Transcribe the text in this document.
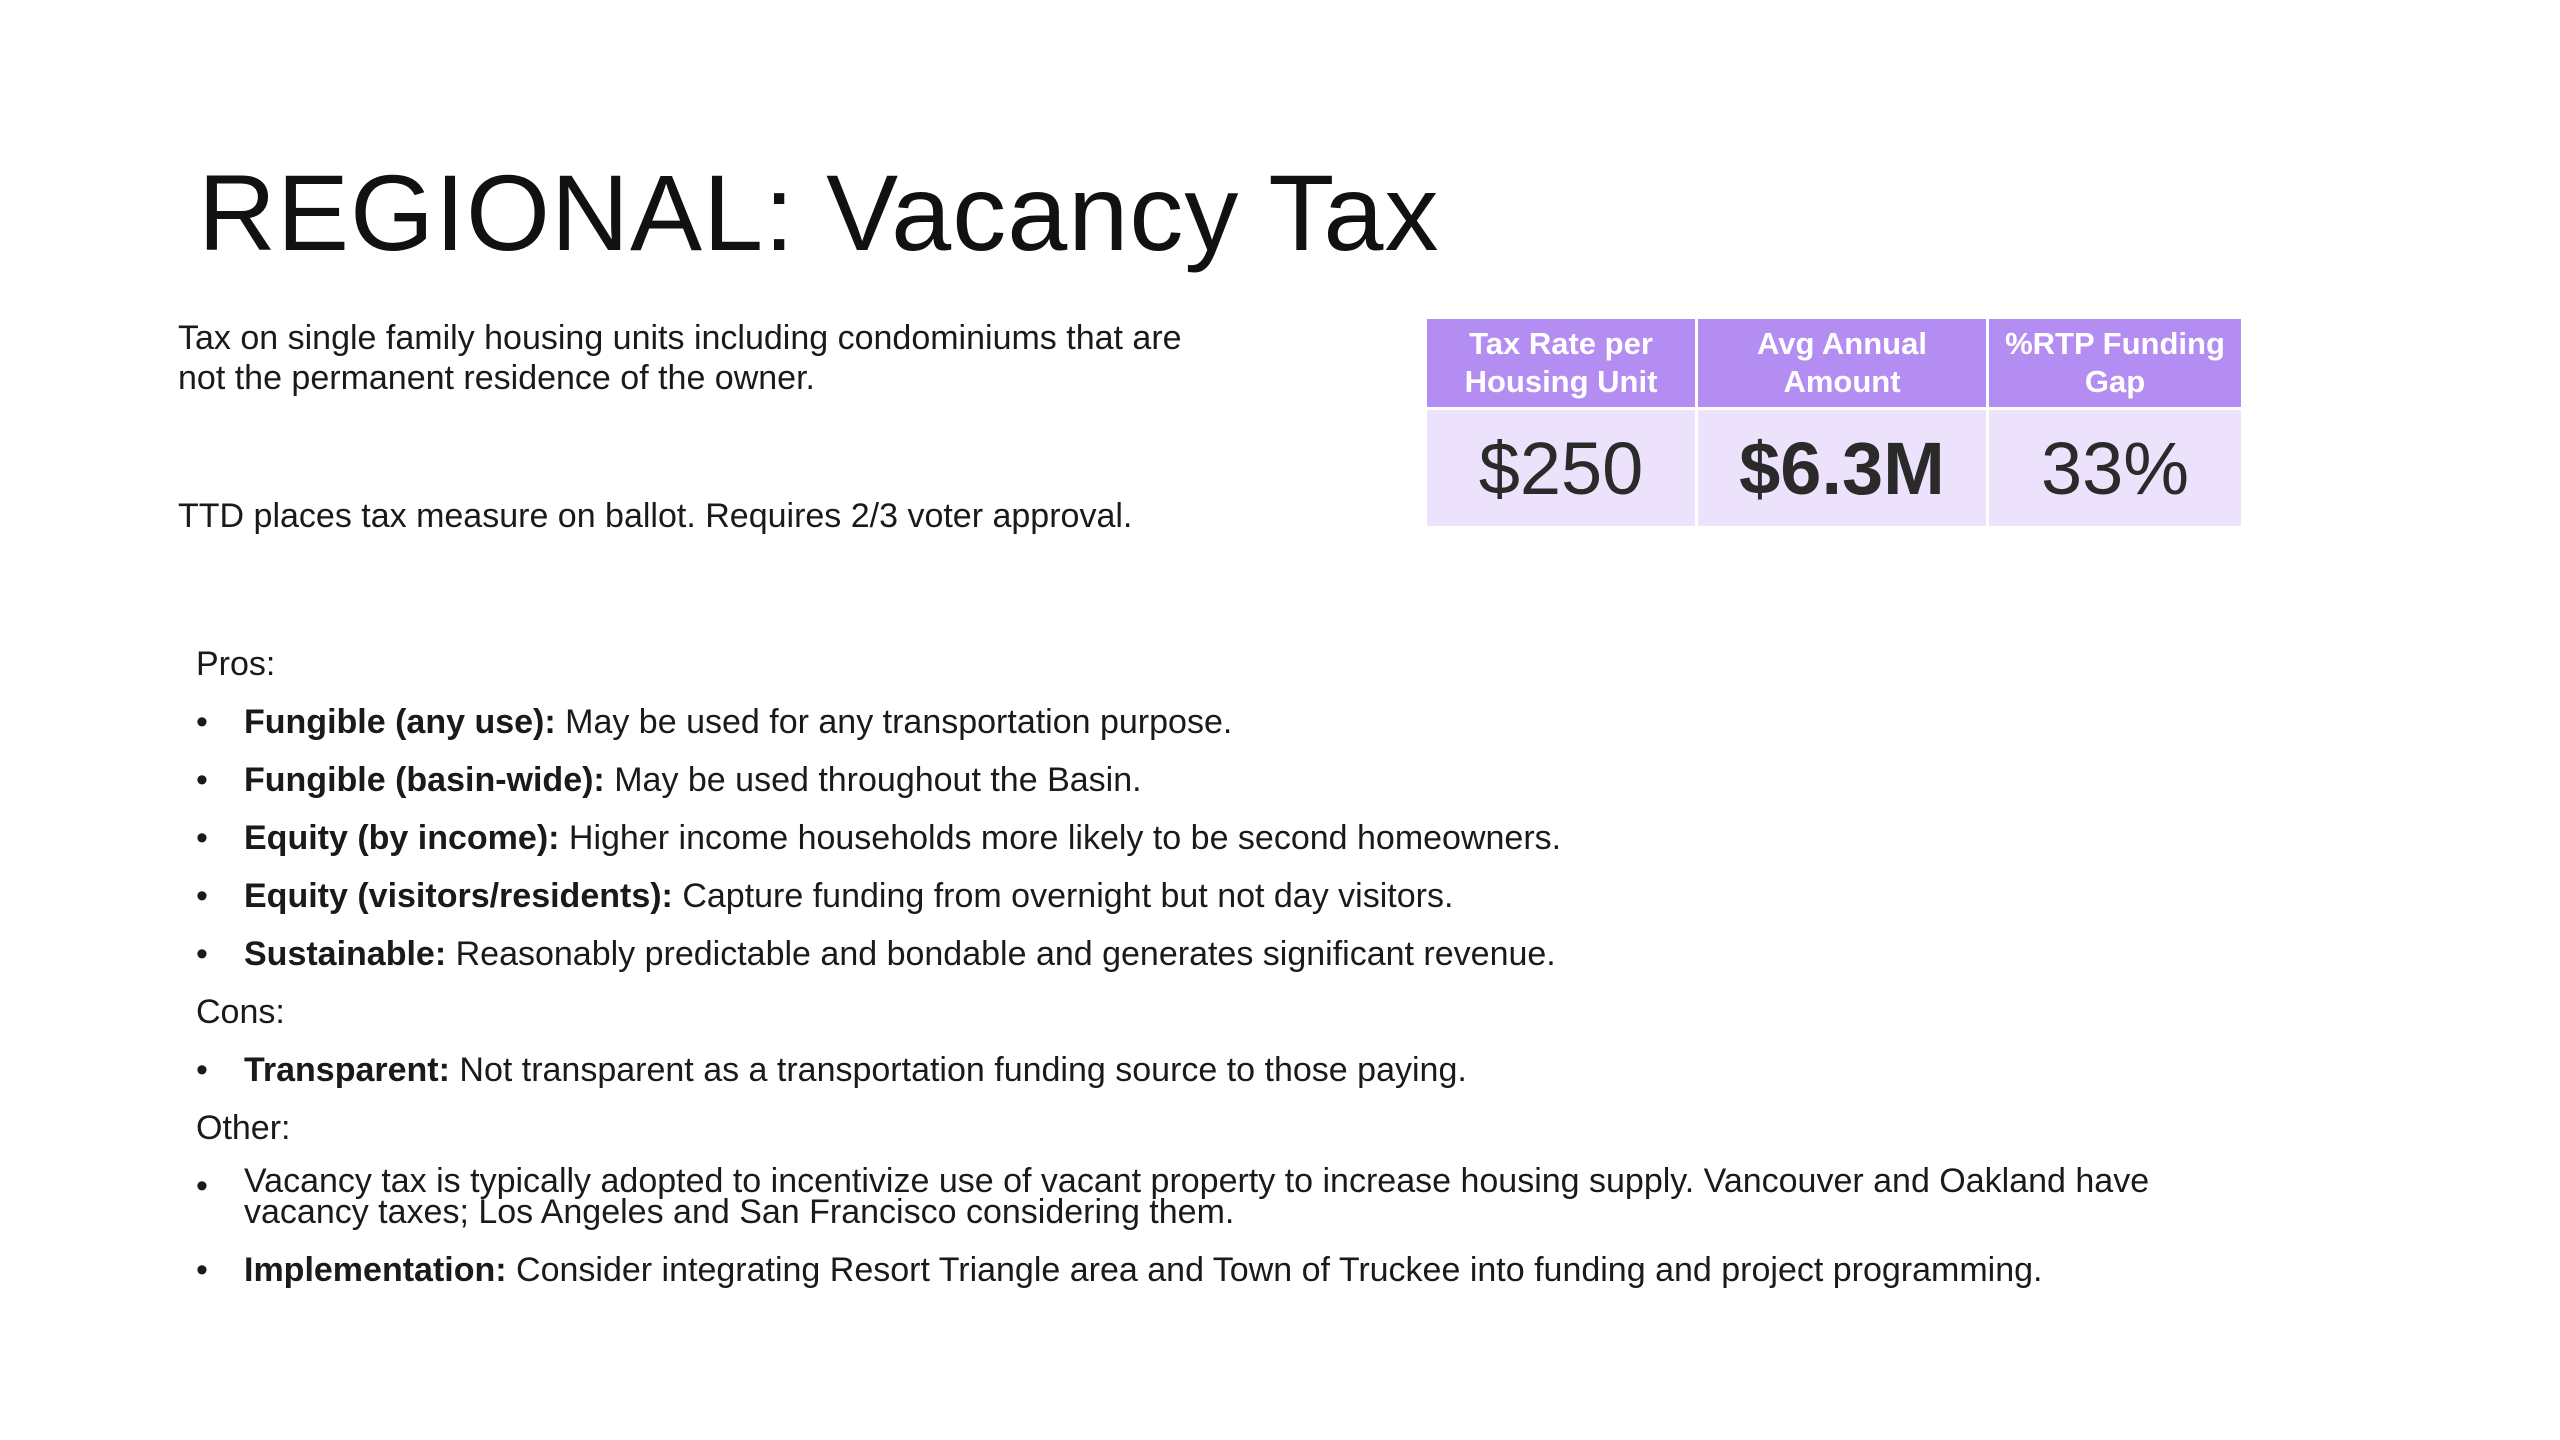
REGIONAL: Vacancy Tax
Tax on single family housing units including condominiums that are not the permanent residence of the owner.
TTD places tax measure on ballot. Requires 2/3 voter approval.
Tax Rate per Housing Unit	Avg Annual Amount	%RTP Funding Gap
$250	$6.3M	33%
Pros:
• Fungible (any use): May be used for any transportation purpose.
• Fungible (basin-wide): May be used throughout the Basin.
• Equity (by income): Higher income households more likely to be second homeowners.
• Equity (visitors/residents): Capture funding from overnight but not day visitors.
• Sustainable: Reasonably predictable and bondable and generates significant revenue.
Cons:
• Transparent: Not transparent as a transportation funding source to those paying.
Other:
• Vacancy tax is typically adopted to incentivize use of vacant property to increase housing supply. Vancouver and Oakland have vacancy taxes; Los Angeles and San Francisco considering them.
• Implementation: Consider integrating Resort Triangle area and Town of Truckee into funding and project programming.
